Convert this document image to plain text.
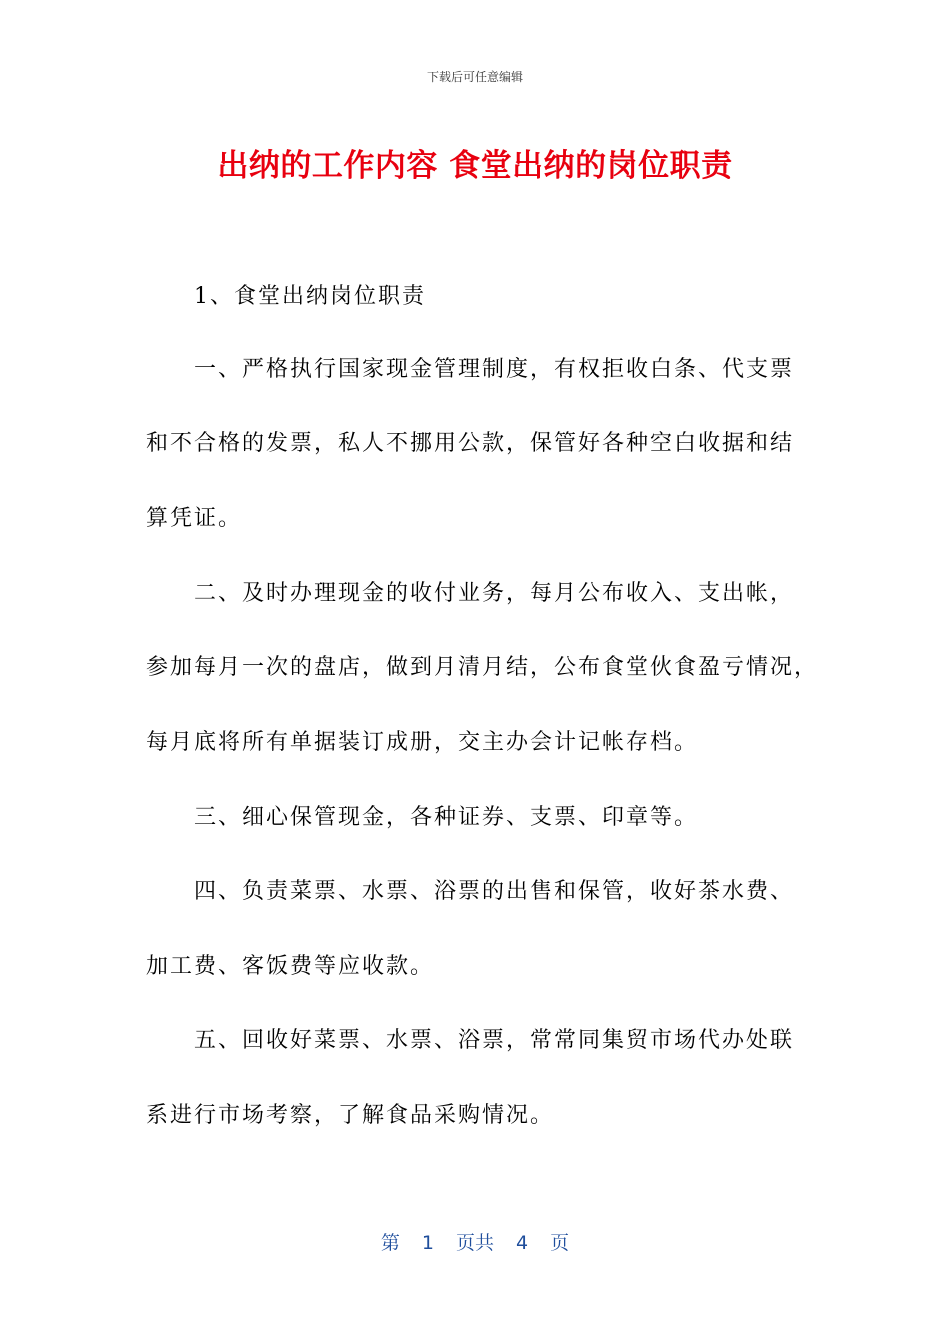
下载后可任意编辑
出纳的工作内容 食堂出纳的岗位职责
1、食堂出纳岗位职责
一、严格执行国家现金管理制度，有权拒收白条、代支票
和不合格的发票，私人不挪用公款，保管好各种空白收据和结
算凭证。
二、及时办理现金的收付业务，每月公布收入、支出帐，
参加每月一次的盘店，做到月清月结，公布食堂伙食盈亏情况，
每月底将所有单据装订成册，交主办会计记帐存档。
三、细心保管现金，各种证券、支票、印章等。
四、负责菜票、水票、浴票的出售和保管，收好茶水费、
加工费、客饭费等应收款。
五、回收好菜票、水票、浴票，常常同集贸市场代办处联
系进行市场考察，了解食品采购情况。
第 1 页共 4 页
